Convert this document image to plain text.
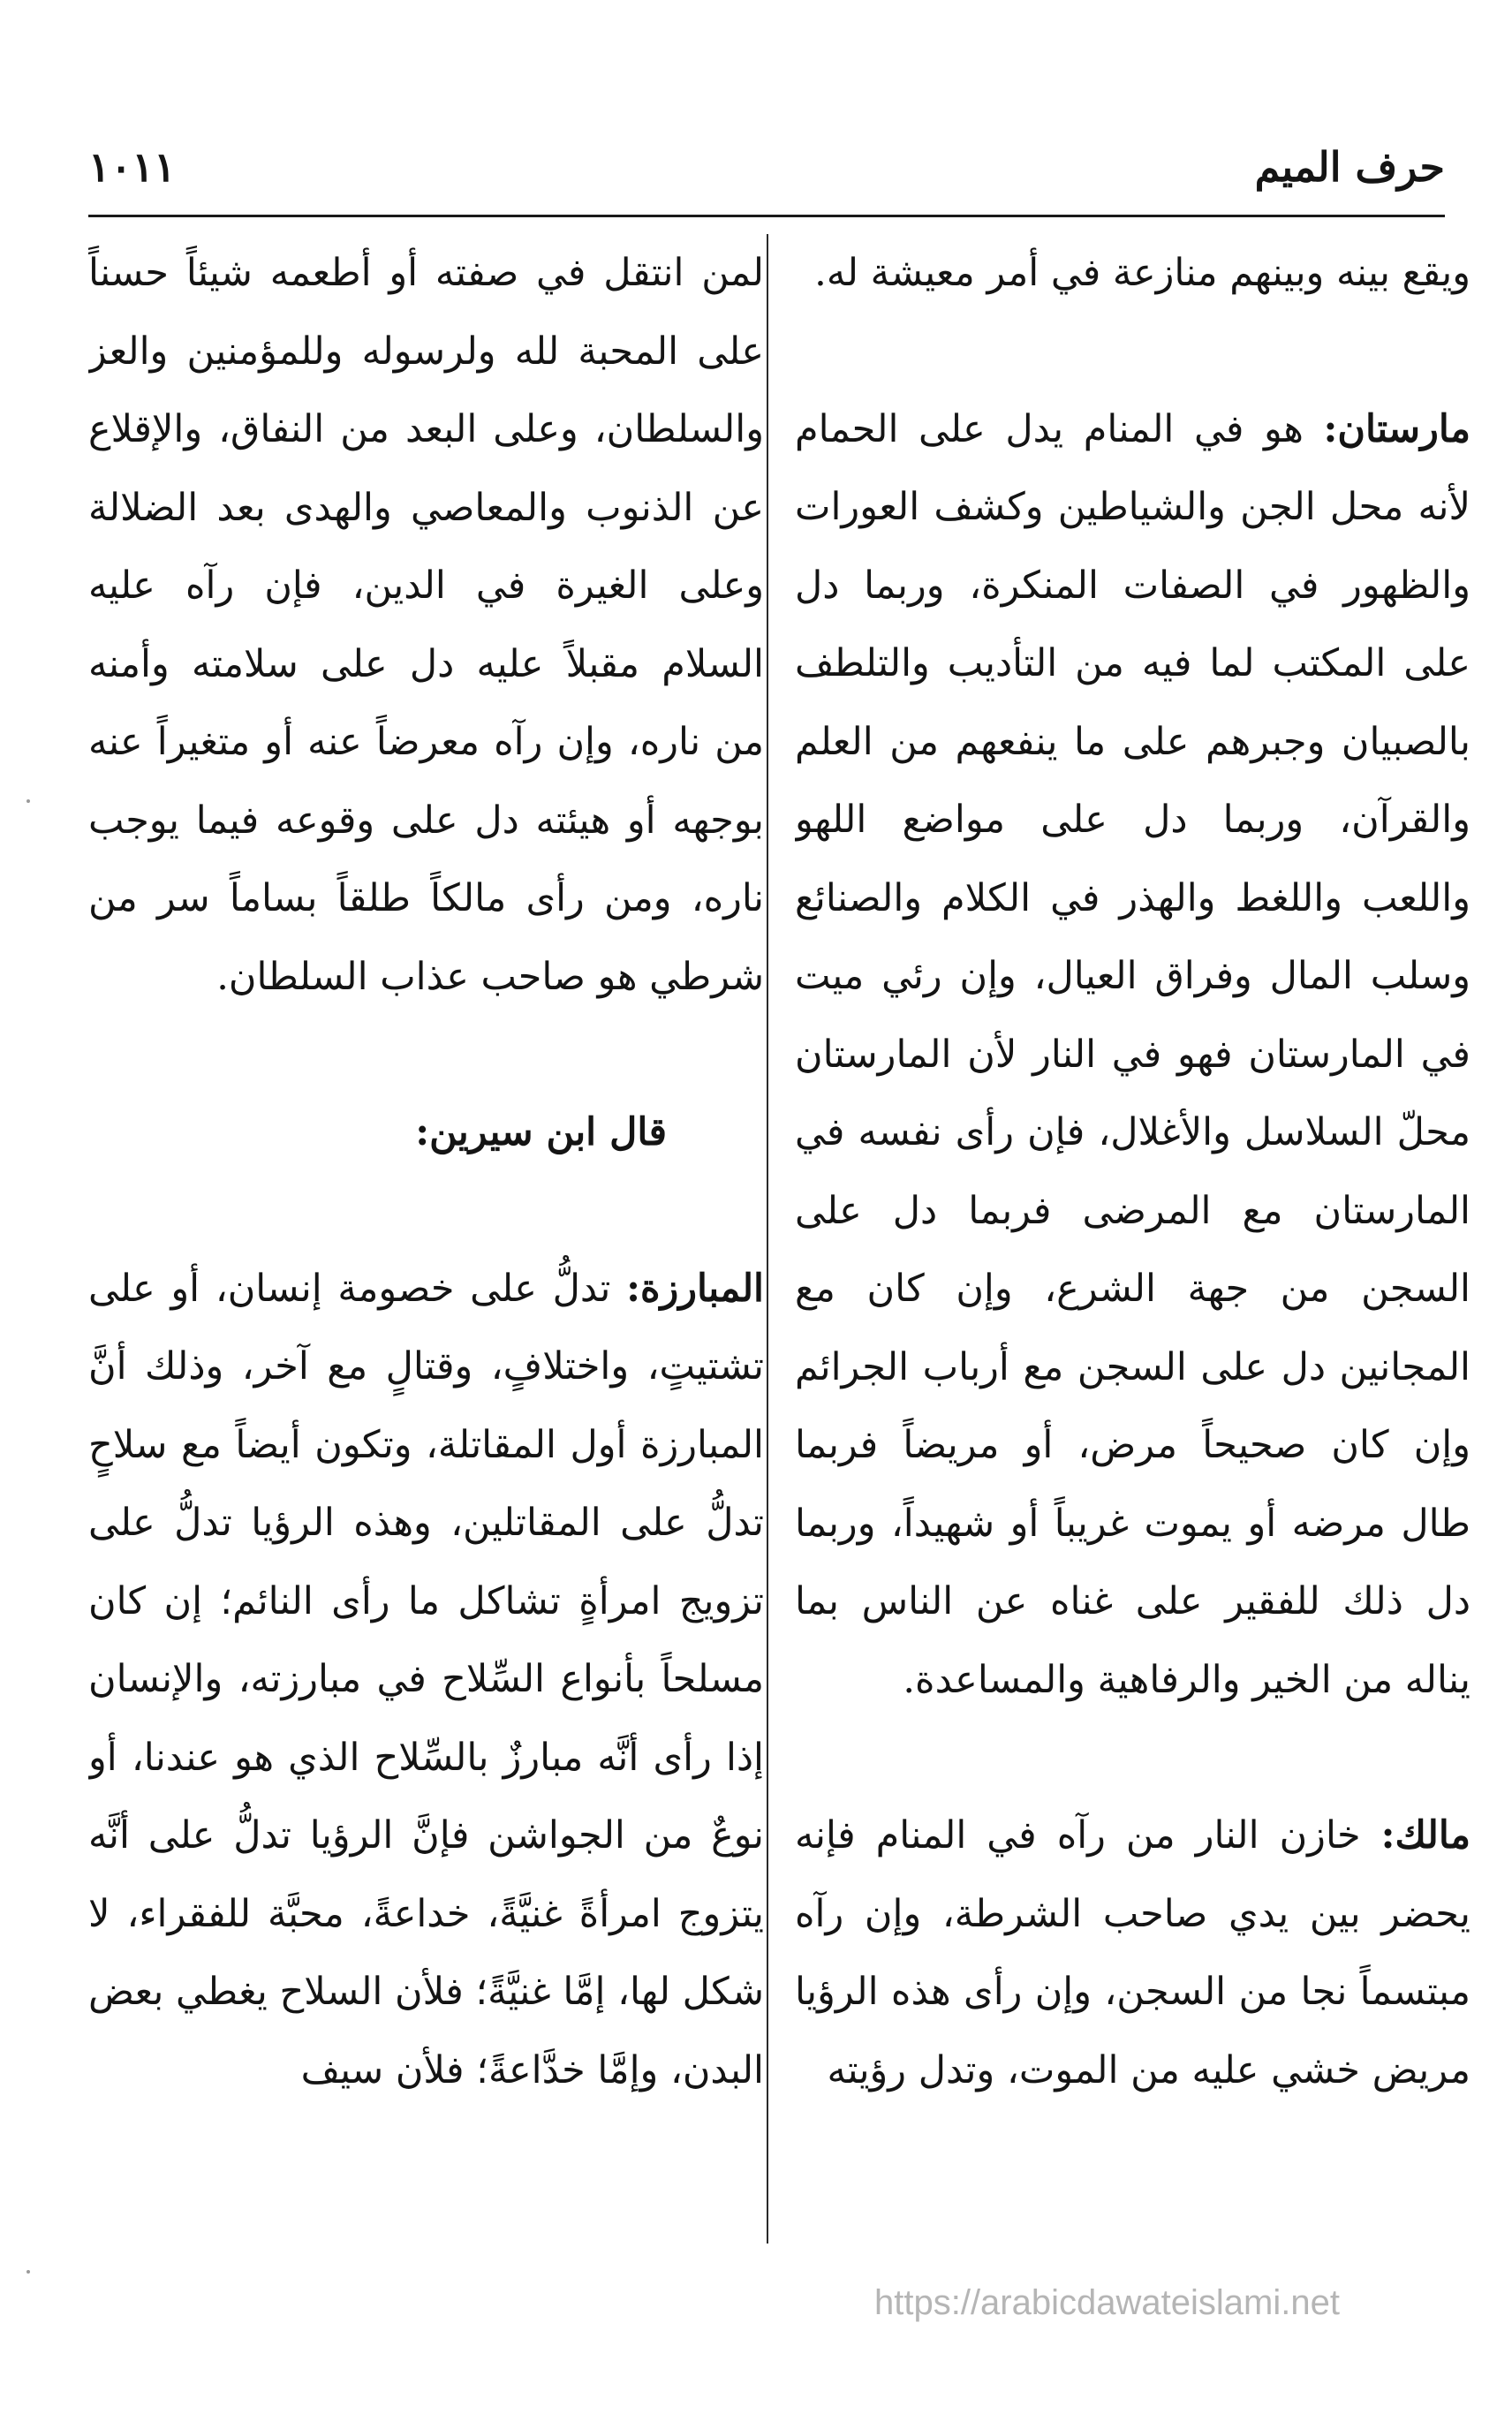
حرف الميم
١٠١١

ويقع بينه وبينهم منازعة في أمر معيشة له.

مارستان: هو في المنام يدل على الحمام لأنه محل الجن والشياطين وكشف العورات والظهور في الصفات المنكرة، وربما دل على المكتب لما فيه من التأديب والتلطف بالصبيان وجبرهم على ما ينفعهم من العلم والقرآن، وربما دل على مواضع اللهو واللعب واللغط والهذر في الكلام والصنائع وسلب المال وفراق العيال، وإن رئي ميت في المارستان فهو في النار لأن المارستان محلّ السلاسل والأغلال، فإن رأى نفسه في المارستان مع المرضى فربما دل على السجن من جهة الشرع، وإن كان مع المجانين دل على السجن مع أرباب الجرائم وإن كان صحيحاً مرض، أو مريضاً فربما طال مرضه أو يموت غريباً أو شهيداً، وربما دل ذلك للفقير على غناه عن الناس بما يناله من الخير والرفاهية والمساعدة.

مالك: خازن النار من رآه في المنام فإنه يحضر بين يدي صاحب الشرطة، وإن رآه مبتسماً نجا من السجن، وإن رأى هذه الرؤيا مريض خشي عليه من الموت، وتدل رؤيته

لمن انتقل في صفته أو أطعمه شيئاً حسناً على المحبة لله ولرسوله وللمؤمنين والعز والسلطان، وعلى البعد من النفاق، والإقلاع عن الذنوب والمعاصي والهدى بعد الضلالة وعلى الغيرة في الدين، فإن رآه عليه السلام مقبلاً عليه دل على سلامته وأمنه من ناره، وإن رآه معرضاً عنه أو متغيراً عنه بوجهه أو هيئته دل على وقوعه فيما يوجب ناره، ومن رأى مالكاً طلقاً بساماً سر من شرطي هو صاحب عذاب السلطان.

قال ابن سيرين:

المبارزة: تدلُّ على خصومة إنسان، أو على تشتيتٍ، واختلافٍ، وقتالٍ مع آخر، وذلك أنَّ المبارزة أول المقاتلة، وتكون أيضاً مع سلاحٍ تدلُّ على المقاتلين، وهذه الرؤيا تدلُّ على تزويج امرأةٍ تشاكل ما رأى النائم؛ إن كان مسلحاً بأنواع السِّلاح في مبارزته، والإنسان إذا رأى أنَّه مبارزٌ بالسِّلاح الذي هو عندنا، أو نوعٌ من الجواشن فإنَّ الرؤيا تدلُّ على أنَّه يتزوج امرأةً غنيَّةً، خداعةً، محبَّة للفقراء، لا شكل لها، إمَّا غنيَّةً؛ فلأن السلاح يغطي بعض البدن، وإمَّا خدَّاعةً؛ فلأن سيف

https://arabicdawateislami.net
